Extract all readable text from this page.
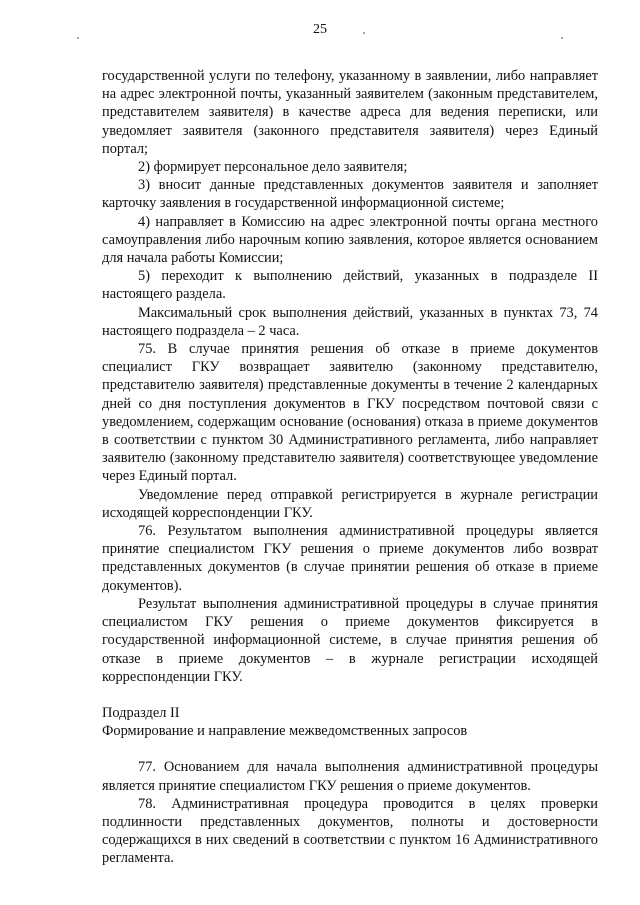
25

государственной услуги по телефону, указанному в заявлении, либо направляет на адрес электронной почты, указанный заявителем (законным представителем, представителем заявителя) в качестве адреса для ведения переписки, или уведомляет заявителя (законного представителя заявителя) через Единый портал;

2) формирует персональное дело заявителя;

3) вносит данные представленных документов заявителя и заполняет карточку заявления в государственной информационной системе;

4) направляет в Комиссию на адрес электронной почты органа местного самоуправления либо нарочным копию заявления, которое является основанием для начала работы Комиссии;

5) переходит к выполнению действий, указанных в подразделе II настоящего раздела.

Максимальный срок выполнения действий, указанных в пунктах 73, 74 настоящего подраздела – 2 часа.

75. В случае принятия решения об отказе в приеме документов специалист ГКУ возвращает заявителю (законному представителю, представителю заявителя) представленные документы в течение 2 календарных дней со дня поступления документов в ГКУ посредством почтовой связи с уведомлением, содержащим основание (основания) отказа в приеме документов в соответствии с пунктом 30 Административного регламента, либо направляет заявителю (законному представителю заявителя) соответствующее уведомление через Единый портал.

Уведомление перед отправкой регистрируется в журнале регистрации исходящей корреспонденции ГКУ.

76. Результатом выполнения административной процедуры является принятие специалистом ГКУ решения о приеме документов либо возврат представленных документов (в случае принятии решения об отказе в приеме документов).

Результат выполнения административной процедуры в случае принятия специалистом ГКУ решения о приеме документов фиксируется в государственной информационной системе, в случае принятия решения об отказе в приеме документов – в журнале регистрации исходящей корреспонденции ГКУ.

Подраздел II

Формирование и направление межведомственных запросов

77. Основанием для начала выполнения административной процедуры является принятие специалистом ГКУ решения о приеме документов.

78. Административная процедура проводится в целях проверки подлинности представленных документов, полноты и достоверности содержащихся в них сведений в соответствии с пунктом 16 Административного регламента.
